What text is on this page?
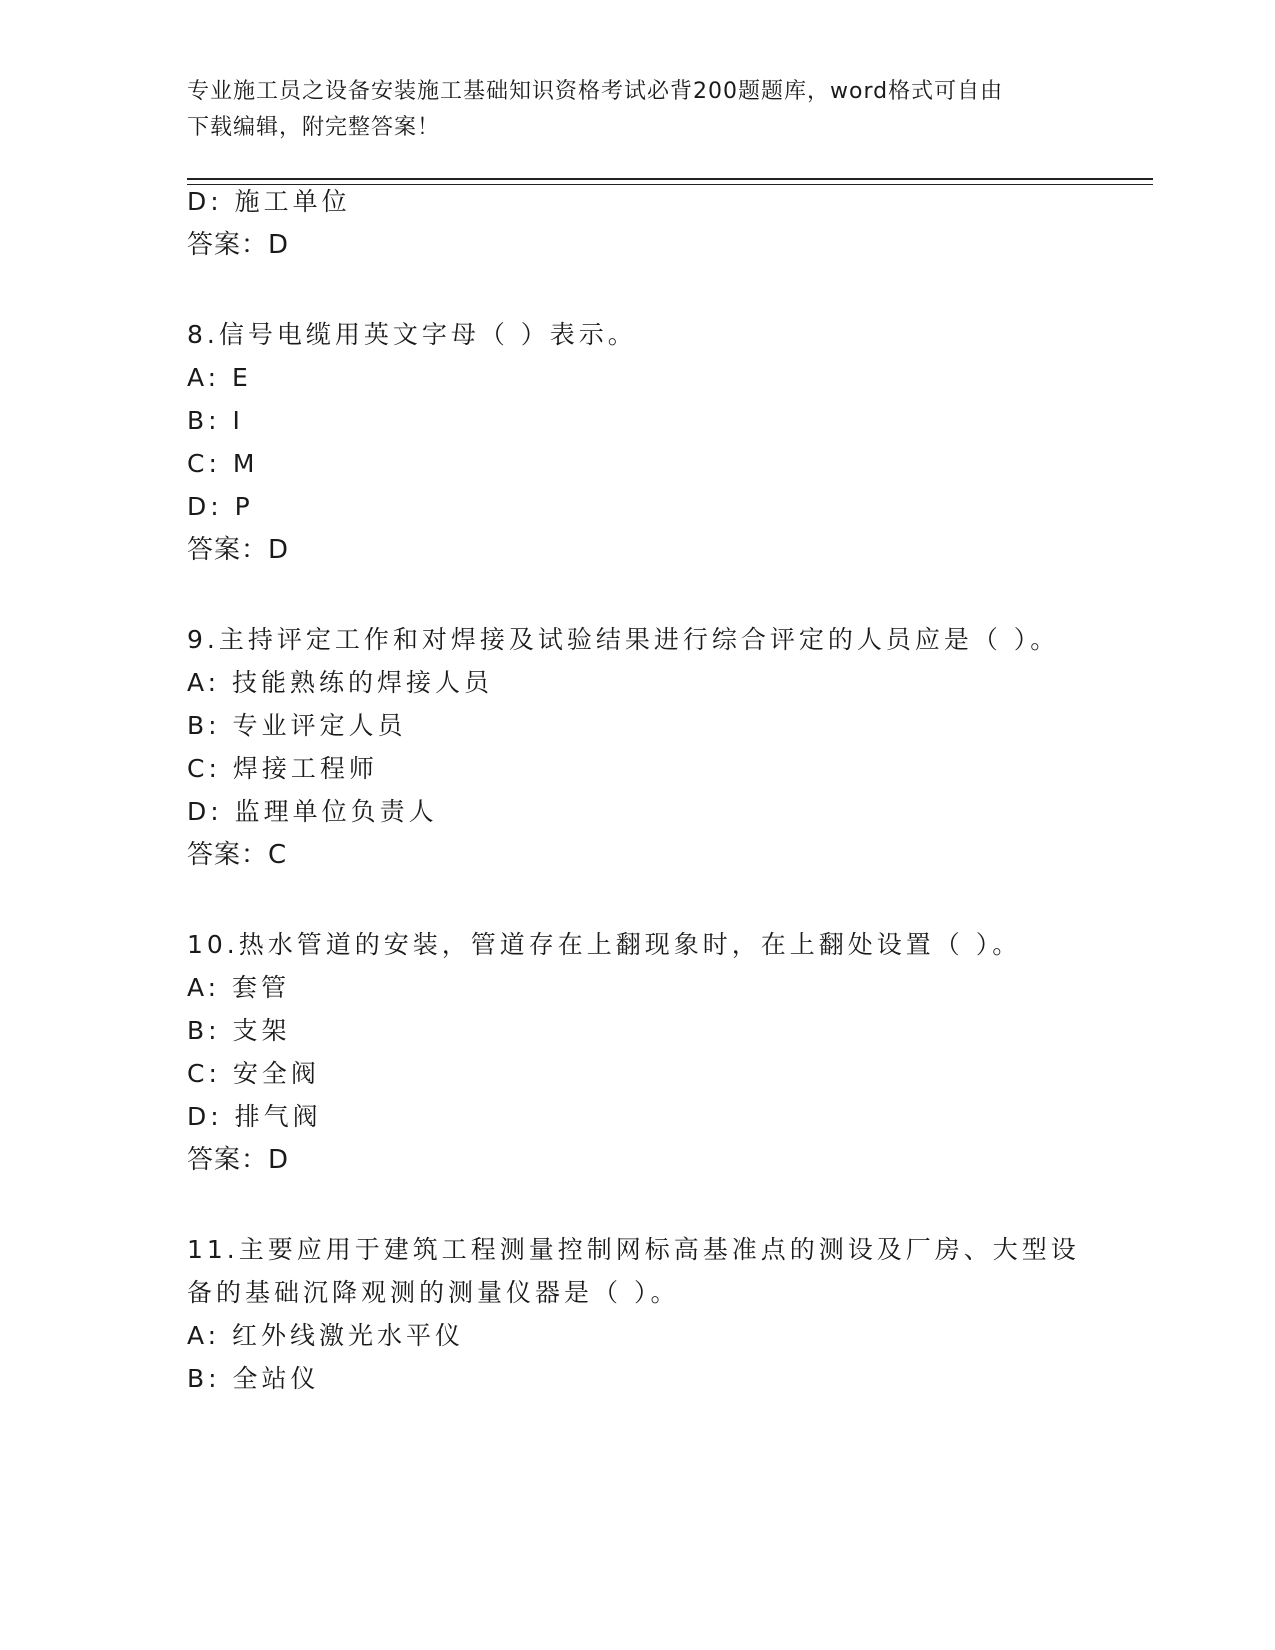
专业施工员之设备安装施工基础知识资格考试必背200题题库，word格式可自由
下载编辑，附完整答案！
D: 施工单位
答案：D
8.信号电缆用英文字母（ ）表示。
A: E
B: I
C: M
D: P
答案：D
9.主持评定工作和对焊接及试验结果进行综合评定的人员应是（ ）。
A: 技能熟练的焊接人员
B: 专业评定人员
C: 焊接工程师
D: 监理单位负责人
答案：C
10.热水管道的安装，管道存在上翻现象时，在上翻处设置（ ）。
A: 套管
B: 支架
C: 安全阀
D: 排气阀
答案：D
11.主要应用于建筑工程测量控制网标高基准点的测设及厂房、大型设
备的基础沉降观测的测量仪器是（ ）。
A: 红外线激光水平仪
B: 全站仪
